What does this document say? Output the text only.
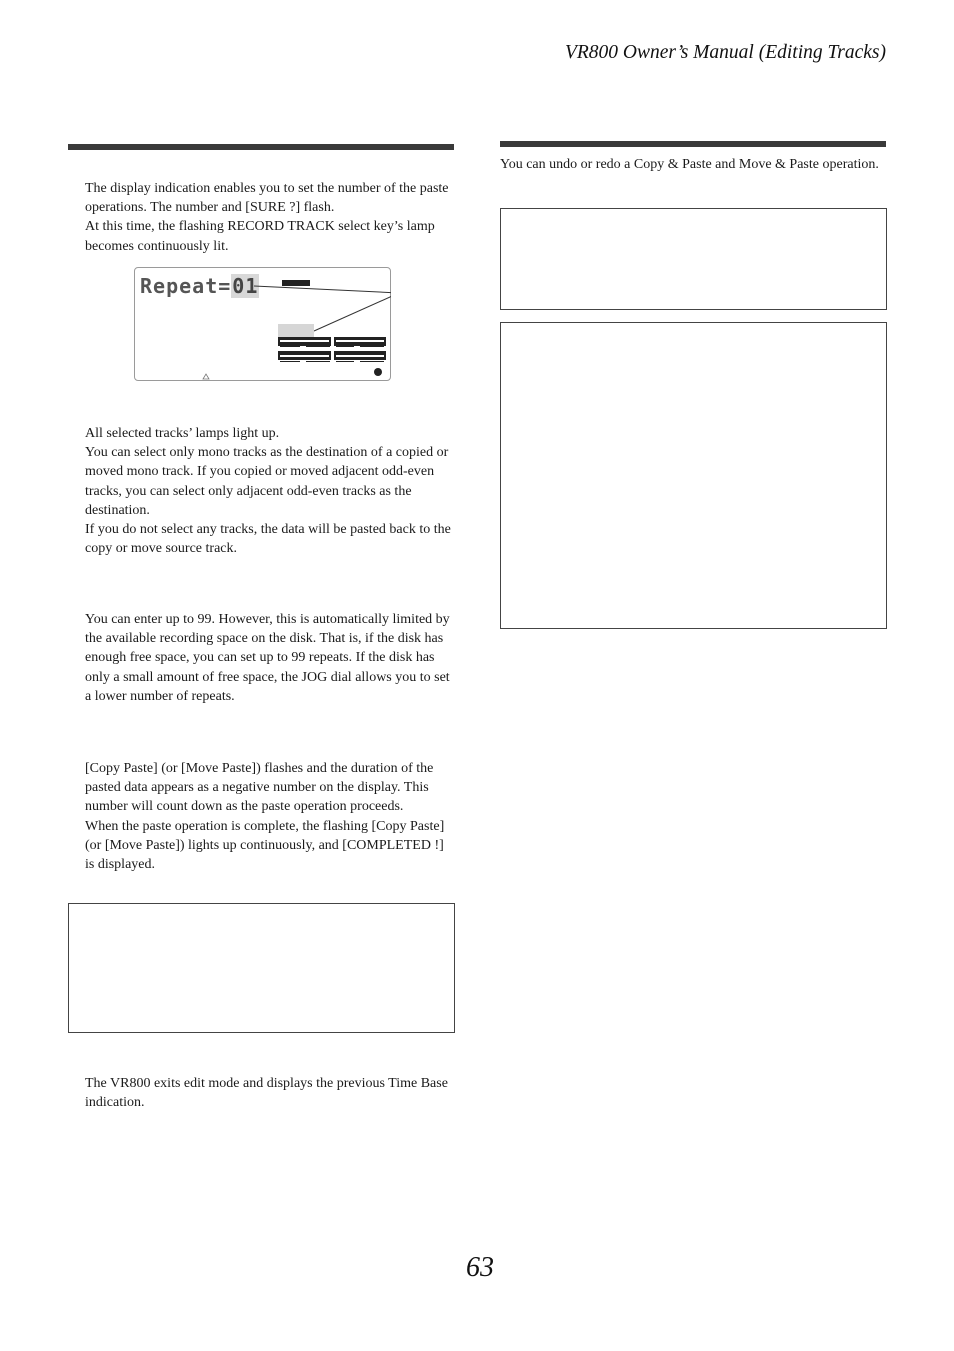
VR800 Owner’s Manual (Editing Tracks)

The display indication enables you to set the number of the paste operations. The number and [SURE ?] flash.

At this time, the flashing RECORD TRACK select key’s lamp becomes continuously lit.

Repeat=01

All selected tracks’ lamps light up.

You can select only mono tracks as the destination of a copied or moved mono track. If you copied or moved adjacent odd-even tracks, you can select only adjacent odd-even tracks as the destination.

If you do not select any tracks, the data will be pasted back to the copy or move source track.

You can enter up to 99. However, this is automatically limited by the available recording space on the disk. That is, if the disk has enough free space, you can set up to 99 repeats. If the disk has only a small amount of free space, the JOG dial allows you to set a lower number of repeats.

[Copy Paste] (or [Move Paste]) flashes and the duration of the pasted data appears as a negative number on the display. This number will count down as the paste operation proceeds.

When the paste operation is complete, the flashing [Copy Paste] (or [Move Paste]) lights up continuously, and [COMPLETED !] is displayed.

The VR800 exits edit mode and displays the previous Time Base indication.

You can undo or redo a Copy & Paste and Move & Paste operation.

63
